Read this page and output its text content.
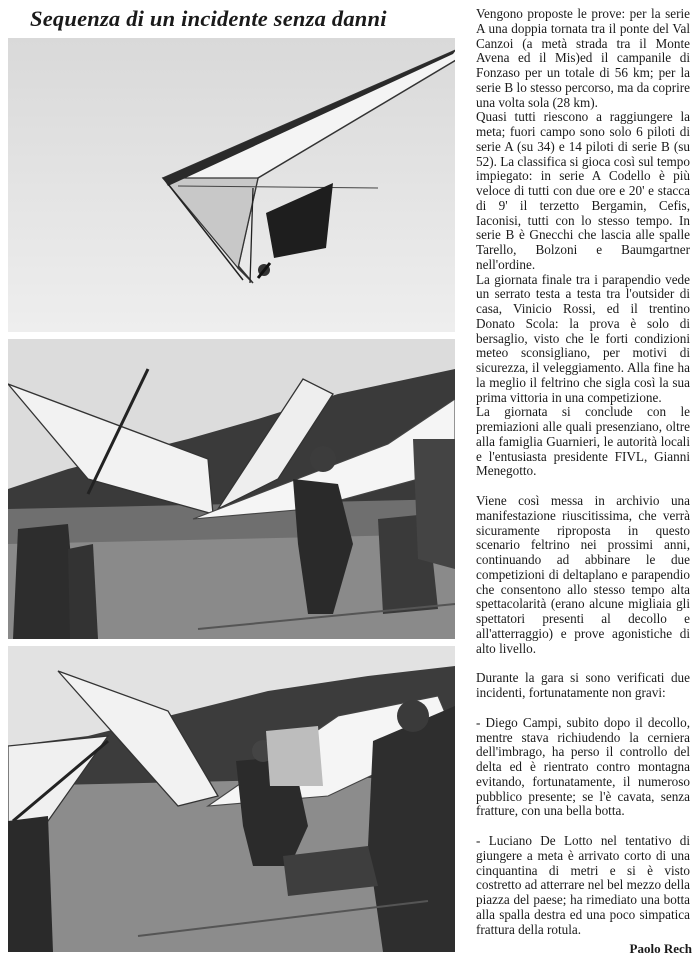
Sequenza di un incidente senza danni	Vengono proposte le prove: per la serie A una doppia tornata tra il ponte del Val Canzoi (a metà strada tra il Monte Avena ed il Mis)ed il campanile di Fonzaso per un totale di 56 km; per la serie B lo stesso percorso, ma da coprire una volta sola (28 km).

Quasi tutti riescono a raggiungere la meta; fuori campo sono solo 6 piloti di serie A (su 34) e 14 piloti di serie B (su 52). La classifica si gioca così sul tempo impiegato: in serie A Codello è più veloce di tutti con due ore e 20' e stacca di 9' il terzetto Bergamin, Cefis, Iaconisi, tutti con lo stesso tempo. In serie B è Gnecchi che lascia alle spalle Tarello, Bolzoni e Baumgartner nell'ordine.

La giornata finale tra i parapendio vede un serrato testa a testa tra l'outsider di casa, Vinicio Rossi, ed il trentino Donato Scola: la prova è solo di bersaglio, visto che le forti condizioni meteo sconsigliano, per motivi di sicurezza, il veleggiamento. Alla fine ha la meglio il feltrino che sigla così la sua prima vittoria in una competizione.

La giornata si conclude con le premiazioni alle quali presenziano, oltre alla famiglia Guarnieri, le autorità locali e l'entusiasta presidente FIVL, Gianni Menegotto.

Viene così messa in archivio una manifestazione riuscitissima, che verrà sicuramente riproposta in questo scenario feltrino nei prossimi anni, continuando ad abbinare le due competizioni di deltaplano e parapendio che consentono allo stesso tempo alta spettacolarità (erano alcune migliaia gli spettatori presenti al decollo e all'atterraggio) e prove agonistiche di alto livello.

Durante la gara si sono verificati due incidenti, fortunatamente non gravi:

- Diego Campi, subito dopo il decollo, mentre stava richiudendo la cerniera dell'imbrago, ha perso il controllo del delta ed è rientrato contro montagna evitando, fortunatamente, il numeroso pubblico presente; se l'è cavata, senza fratture, con una bella botta.

- Luciano De Lotto nel tentativo di giungere a meta è arrivato corto di una cinquantina di metri e si è visto costretto ad atterrare nel bel mezzo della piazza del paese; ha rimediato una botta alla spalla destra ed una poco simpatica frattura della rotula.

Paolo Rech
